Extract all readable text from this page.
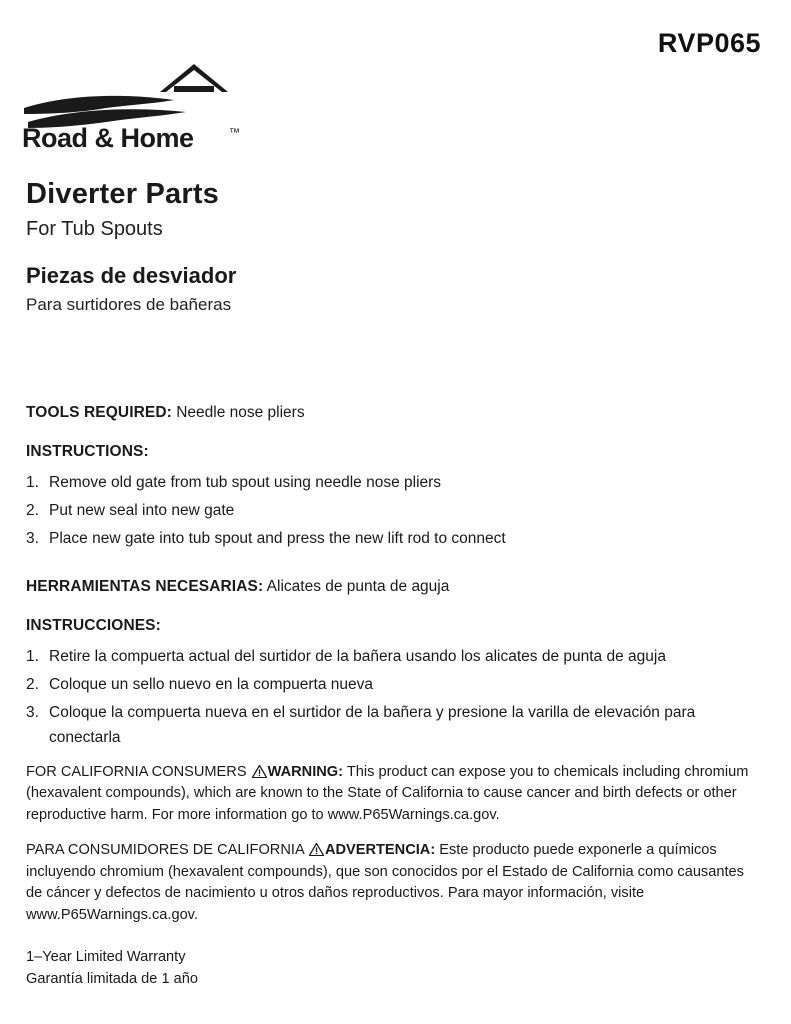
RVP065
Road & Home	™
Diverter Parts

For Tub Spouts

Piezas de desviador

Para surtidores de bañeras

TOOLS REQUIRED: Needle nose pliers

INSTRUCTIONS:

1. Remove old gate from tub spout using needle nose pliers
2. Put new seal into new gate
3. Place new gate into tub spout and press the new lift rod to connect

HERRAMIENTAS NECESARIAS: Alicates de punta de aguja

INSTRUCCIONES:

1. Retire la compuerta actual del surtidor de la bañera usando los alicates de punta de aguja
2. Coloque un sello nuevo en la compuerta nueva
3. Coloque la compuerta nueva en el surtidor de la bañera y presione la varilla de elevación para conectarla

FOR CALIFORNIA CONSUMERS WARNING: This product can expose you to chemicals including chromium (hexavalent compounds), which are known to the State of California to cause cancer and birth defects or other reproductive harm. For more information go to www.P65Warnings.ca.gov.

PARA CONSUMIDORES DE CALIFORNIA ADVERTENCIA: Este producto puede exponerle a químicos incluyendo chromium (hexavalent compounds), que son conocidos por el Estado de California como causantes de cáncer y defectos de nacimiento u otros daños reproductivos. Para mayor información, visite www.P65Warnings.ca.gov.

1–Year Limited Warranty
Garantía limitada de 1 año
